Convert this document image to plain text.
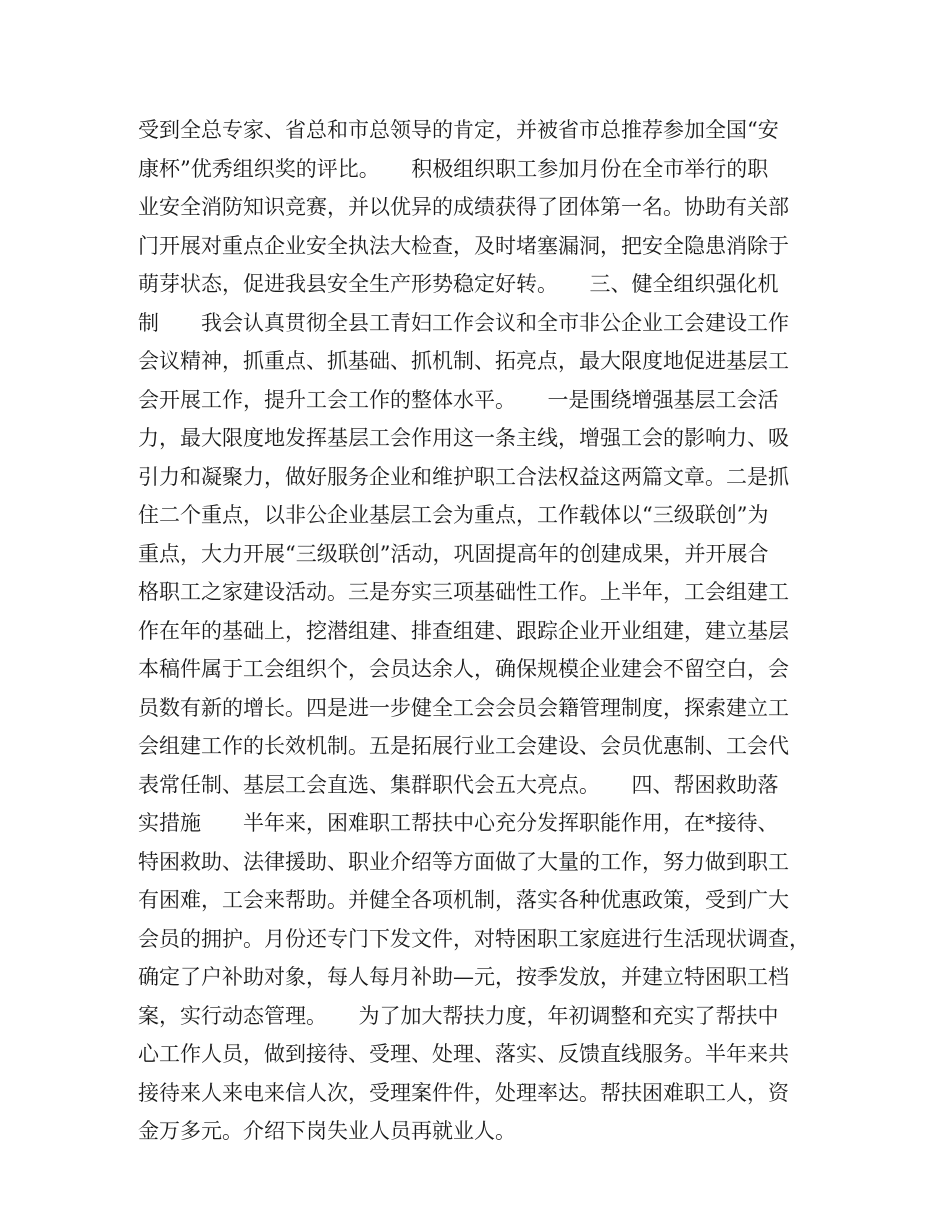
受到全总专家、省总和市总领导的肯定，并被省市总推荐参加全国“安
康杯”优秀组织奖的评比。　　积极组织职工参加月份在全市举行的职
业安全消防知识竞赛，并以优异的成绩获得了团体第一名。协助有关部
门开展对重点企业安全执法大检查，及时堵塞漏洞，把安全隐患消除于
萌芽状态，促进我县安全生产形势稳定好转。　　三、健全组织强化机
制　　我会认真贯彻全县工青妇工作会议和全市非公企业工会建设工作
会议精神，抓重点、抓基础、抓机制、拓亮点，最大限度地促进基层工
会开展工作，提升工会工作的整体水平。　　一是围绕增强基层工会活
力，最大限度地发挥基层工会作用这一条主线，增强工会的影响力、吸
引力和凝聚力，做好服务企业和维护职工合法权益这两篇文章。二是抓
住二个重点，以非公企业基层工会为重点，工作载体以“三级联创”为
重点，大力开展“三级联创”活动，巩固提高年的创建成果，并开展合
格职工之家建设活动。三是夯实三项基础性工作。上半年，工会组建工
作在年的基础上，挖潜组建、排查组建、跟踪企业开业组建，建立基层
本稿件属于工会组织个，会员达余人，确保规模企业建会不留空白，会
员数有新的增长。四是进一步健全工会会员会籍管理制度，探索建立工
会组建工作的长效机制。五是拓展行业工会建设、会员优惠制、工会代
表常任制、基层工会直选、集群职代会五大亮点。　　四、帮困救助落
实措施　　半年来，困难职工帮扶中心充分发挥职能作用，在*接待、
特困救助、法律援助、职业介绍等方面做了大量的工作，努力做到职工
有困难，工会来帮助。并健全各项机制，落实各种优惠政策，受到广大
会员的拥护。月份还专门下发文件，对特困职工家庭进行生活现状调查，
确定了户补助对象，每人每月补助—元，按季发放，并建立特困职工档
案，实行动态管理。　　为了加大帮扶力度，年初调整和充实了帮扶中
心工作人员，做到接待、受理、处理、落实、反馈直线服务。半年来共
接待来人来电来信人次，受理案件件，处理率达。帮扶困难职工人，资
金万多元。介绍下岗失业人员再就业人。
